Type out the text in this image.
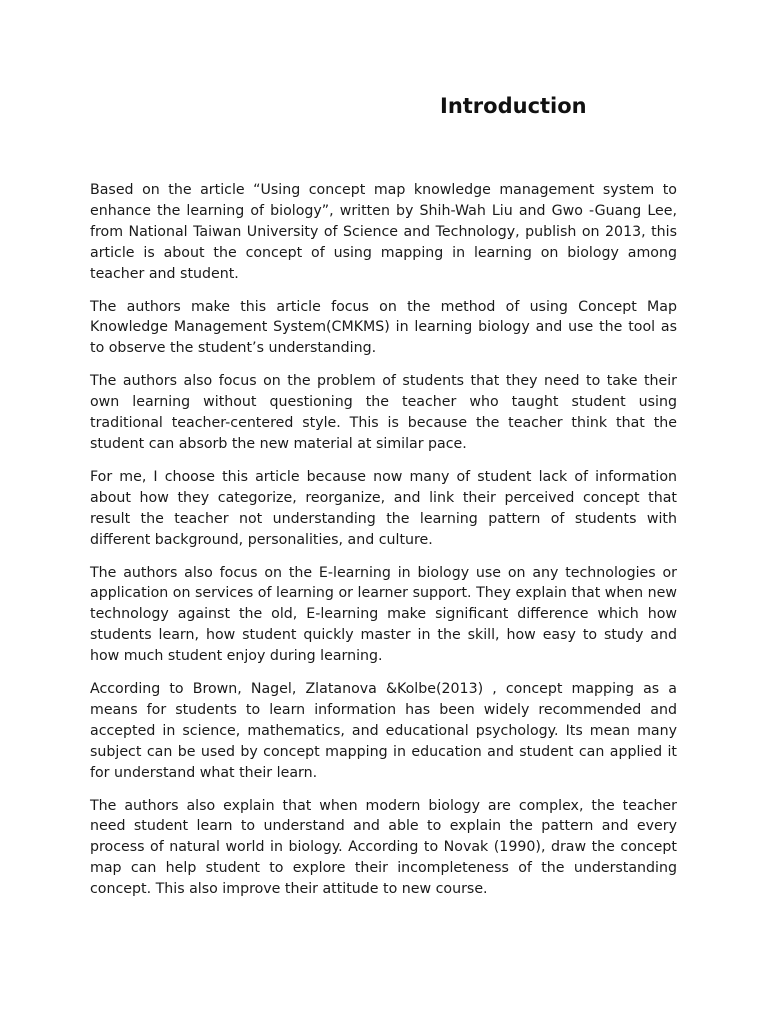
Introduction

Based on the article “Using concept map knowledge management system to enhance the learning of biology”, written by Shih-Wah Liu and Gwo -Guang Lee, from National Taiwan University of Science and Technology, publish on 2013, this article is about the concept of using mapping in learning on biology among teacher and student.

The authors make this article focus on the method of using Concept Map Knowledge Management System(CMKMS) in learning biology and use the tool as to observe the student’s understanding.

The authors also focus on the problem of students that they need to take their own learning without questioning the teacher who taught student using traditional teacher-centered style. This is because the teacher think that the student can absorb the new material at similar pace.

For me, I choose this article because now many of student lack of information about how they categorize, reorganize, and link their perceived concept that result the teacher not understanding the learning pattern of students with different background, personalities, and culture.

The authors also focus on the E-learning in biology use on any technologies or application on services of learning or learner support. They explain that when new technology against the old, E-learning make significant difference which how students learn, how student quickly master in the skill, how easy to study and how much student enjoy during learning.

According to Brown, Nagel, Zlatanova &Kolbe(2013) , concept mapping as a means for students to learn information has been widely recommended and accepted in science, mathematics, and educational psychology. Its mean many subject can be used by concept mapping in education and student can applied it for understand what their learn.

The authors also explain that when modern biology are complex, the teacher need student learn to understand and able to explain the pattern and every process of natural world in biology. According to Novak (1990), draw the concept map can help student to explore their incompleteness of the understanding concept. This also improve their attitude to new course.
